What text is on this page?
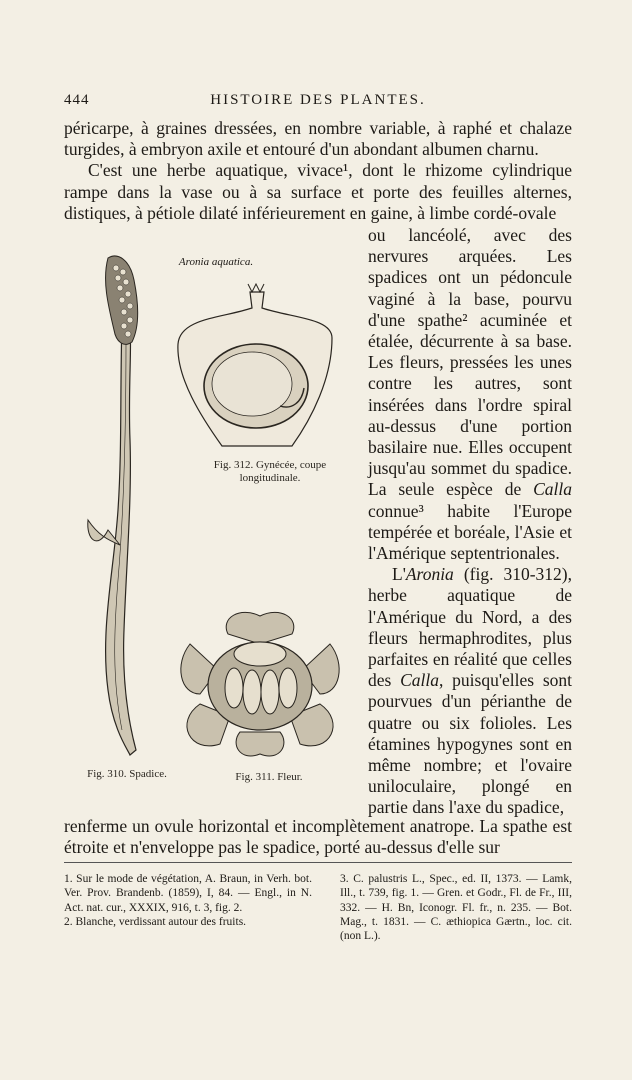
444	HISTOIRE DES PLANTES.

péricarpe, à graines dressées, en nombre variable, à raphé et chalaze turgides, à embryon axile et entouré d'un abondant albumen charnu.

C'est une herbe aquatique, vivace¹, dont le rhizome cylindrique rampe dans la vase ou à sa surface et porte des feuilles alternes, distiques, à pétiole dilaté inférieurement en gaine, à limbe cordé-ovale

ou lancéolé, avec des nervures arquées. Les spadices ont un pédoncule vaginé à la base, pourvu d'une spathe² acuminée et étalée, décurrente à sa base. Les fleurs, pressées les unes contre les autres, sont insérées dans l'ordre spiral au-dessus d'une portion basilaire nue. Elles occupent jusqu'au sommet du spadice. La seule espèce de Calla connue³ habite l'Europe tempérée et boréale, l'Asie et l'Amérique septentrionales.

L'Aronia (fig. 310-312), herbe aquatique de l'Amérique du Nord, a des fleurs hermaphrodites, plus parfaites en réalité que celles des Calla, puisqu'elles sont pourvues d'un périanthe de quatre ou six folioles. Les étamines hypogynes sont en même nombre; et l'ovaire uniloculaire, plongé en partie dans l'axe du spadice,

renferme un ovule horizontal et incomplètement anatrope. La spathe est étroite et n'enveloppe pas le spadice, porté au-dessus d'elle sur

Aronia aquatica.
Fig. 310. Spadice.
Fig. 312. Gynécée, coupe
longitudinale.
Fig. 311. Fleur.

1. Sur le mode de végétation, A. Braun, in Verh. bot. Ver. Prov. Brandenb. (1859), I, 84. — Engl., in N. Act. nat. cur., XXXIX, 916, t. 3, fig. 2.

2. Blanche, verdissant autour des fruits.

3. C. palustris L., Spec., ed. II, 1373. — Lamk, Ill., t. 739, fig. 1. — Gren. et Godr., Fl. de Fr., III, 332. — H. Bn, Iconogr. Fl. fr., n. 235. — Bot. Mag., t. 1831. — C. æthiopica Gærtn., loc. cit. (non L.).
